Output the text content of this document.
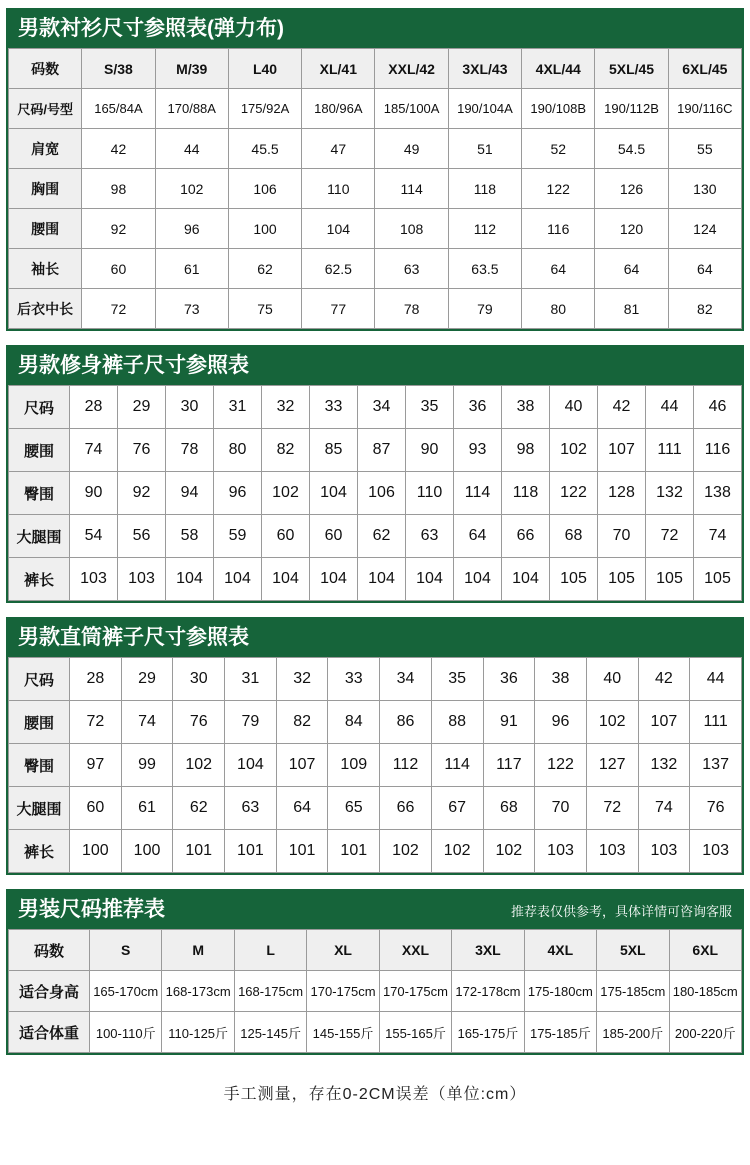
男款衬衫尺寸参照表(弹力布)
码数	S/38	M/39	L40	XL/41	XXL/42	3XL/43	4XL/44	5XL/45	6XL/45
尺码/号型	165/84A	170/88A	175/92A	180/96A	185/100A	190/104A	190/108B	190/112B	190/116C
肩宽	42	44	45.5	47	49	51	52	54.5	55
胸围	98	102	106	110	114	118	122	126	130
腰围	92	96	100	104	108	112	116	120	124
袖长	60	61	62	62.5	63	63.5	64	64	64
后衣中长	72	73	75	77	78	79	80	81	82
男款修身裤子尺寸参照表
尺码	28	29	30	31	32	33	34	35	36	38	40	42	44	46
腰围	74	76	78	80	82	85	87	90	93	98	102	107	111	116
臀围	90	92	94	96	102	104	106	110	114	118	122	128	132	138
大腿围	54	56	58	59	60	60	62	63	64	66	68	70	72	74
裤长	103	103	104	104	104	104	104	104	104	104	105	105	105	105
男款直筒裤子尺寸参照表
尺码	28	29	30	31	32	33	34	35	36	38	40	42	44
腰围	72	74	76	79	82	84	86	88	91	96	102	107	111
臀围	97	99	102	104	107	109	112	114	117	122	127	132	137
大腿围	60	61	62	63	64	65	66	67	68	70	72	74	76
裤长	100	100	101	101	101	101	102	102	102	103	103	103	103
男装尺码推荐表	推荐表仅供参考，具体详情可咨询客服
码数	S	M	L	XL	XXL	3XL	4XL	5XL	6XL
适合身高	165-170cm	168-173cm	168-175cm	170-175cm	170-175cm	172-178cm	175-180cm	175-185cm	180-185cm
适合体重	100-110斤	110-125斤	125-145斤	145-155斤	155-165斤	165-175斤	175-185斤	185-200斤	200-220斤
手工测量，存在0-2CM误差（单位:cm）
